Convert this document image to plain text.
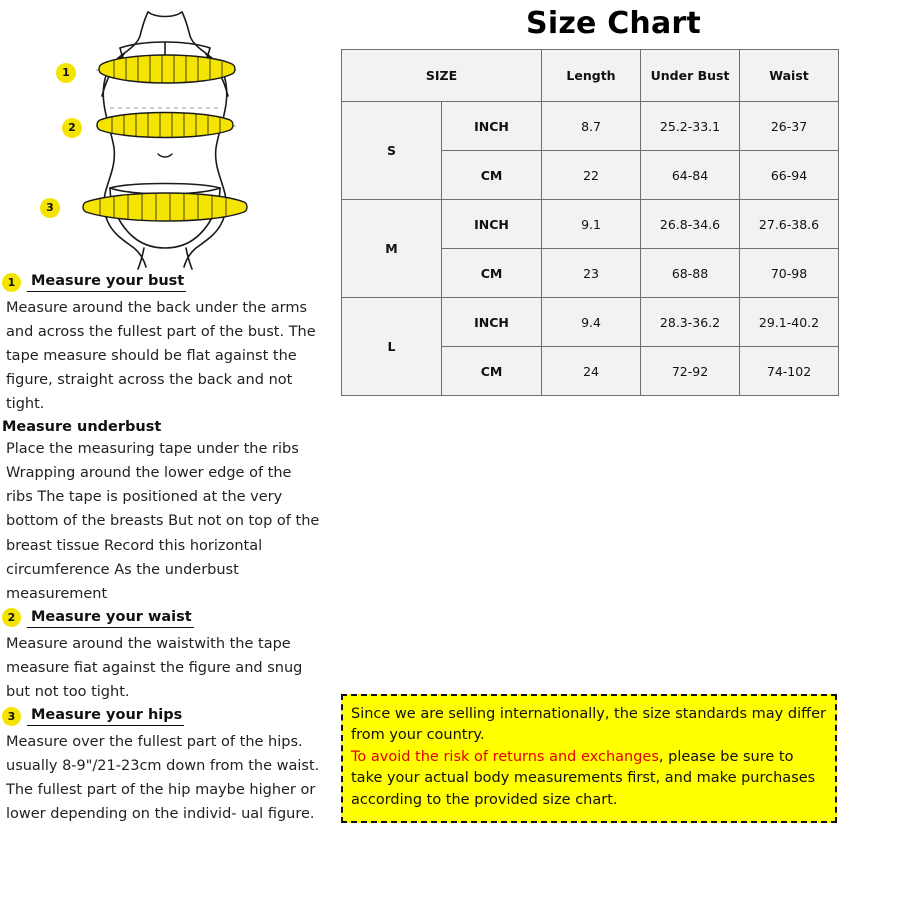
1
2
3
1	Measure your bust

Measure around the back under the arms and across the fullest part of the bust. The tape measure should be flat against the figure, straight across the back and not tight.

Measure underbust

Place the measuring tape under the ribs Wrapping around the lower edge of the ribs The tape is positioned at the very bottom of the breasts But not on top of the breast tissue Record this horizontal circumference As the underbust measurement

2	Measure your waist

Measure around the waistwith the tape measure fiat against the figure and snug but not too tight.

3	Measure your hips

Measure over the fullest part of the hips. usually 8-9"/21-23cm down from the waist. The fullest part of the hip maybe higher or lower depending on the individ- ual figure.

Size Chart
SIZE		Length	Under Bust	Waist
S	INCH	8.7	25.2-33.1	26-37
	CM	22	64-84	66-94
M	INCH	9.1	26.8-34.6	27.6-38.6
	CM	23	68-88	70-98
L	INCH	9.4	28.3-36.2	29.1-40.2
	CM	24	72-92	74-102

Since we are selling internationally, the size standards may differ from your country.

To avoid the risk of returns and exchanges, please be sure to take your actual body measurements first, and make purchases according to the provided size chart.
